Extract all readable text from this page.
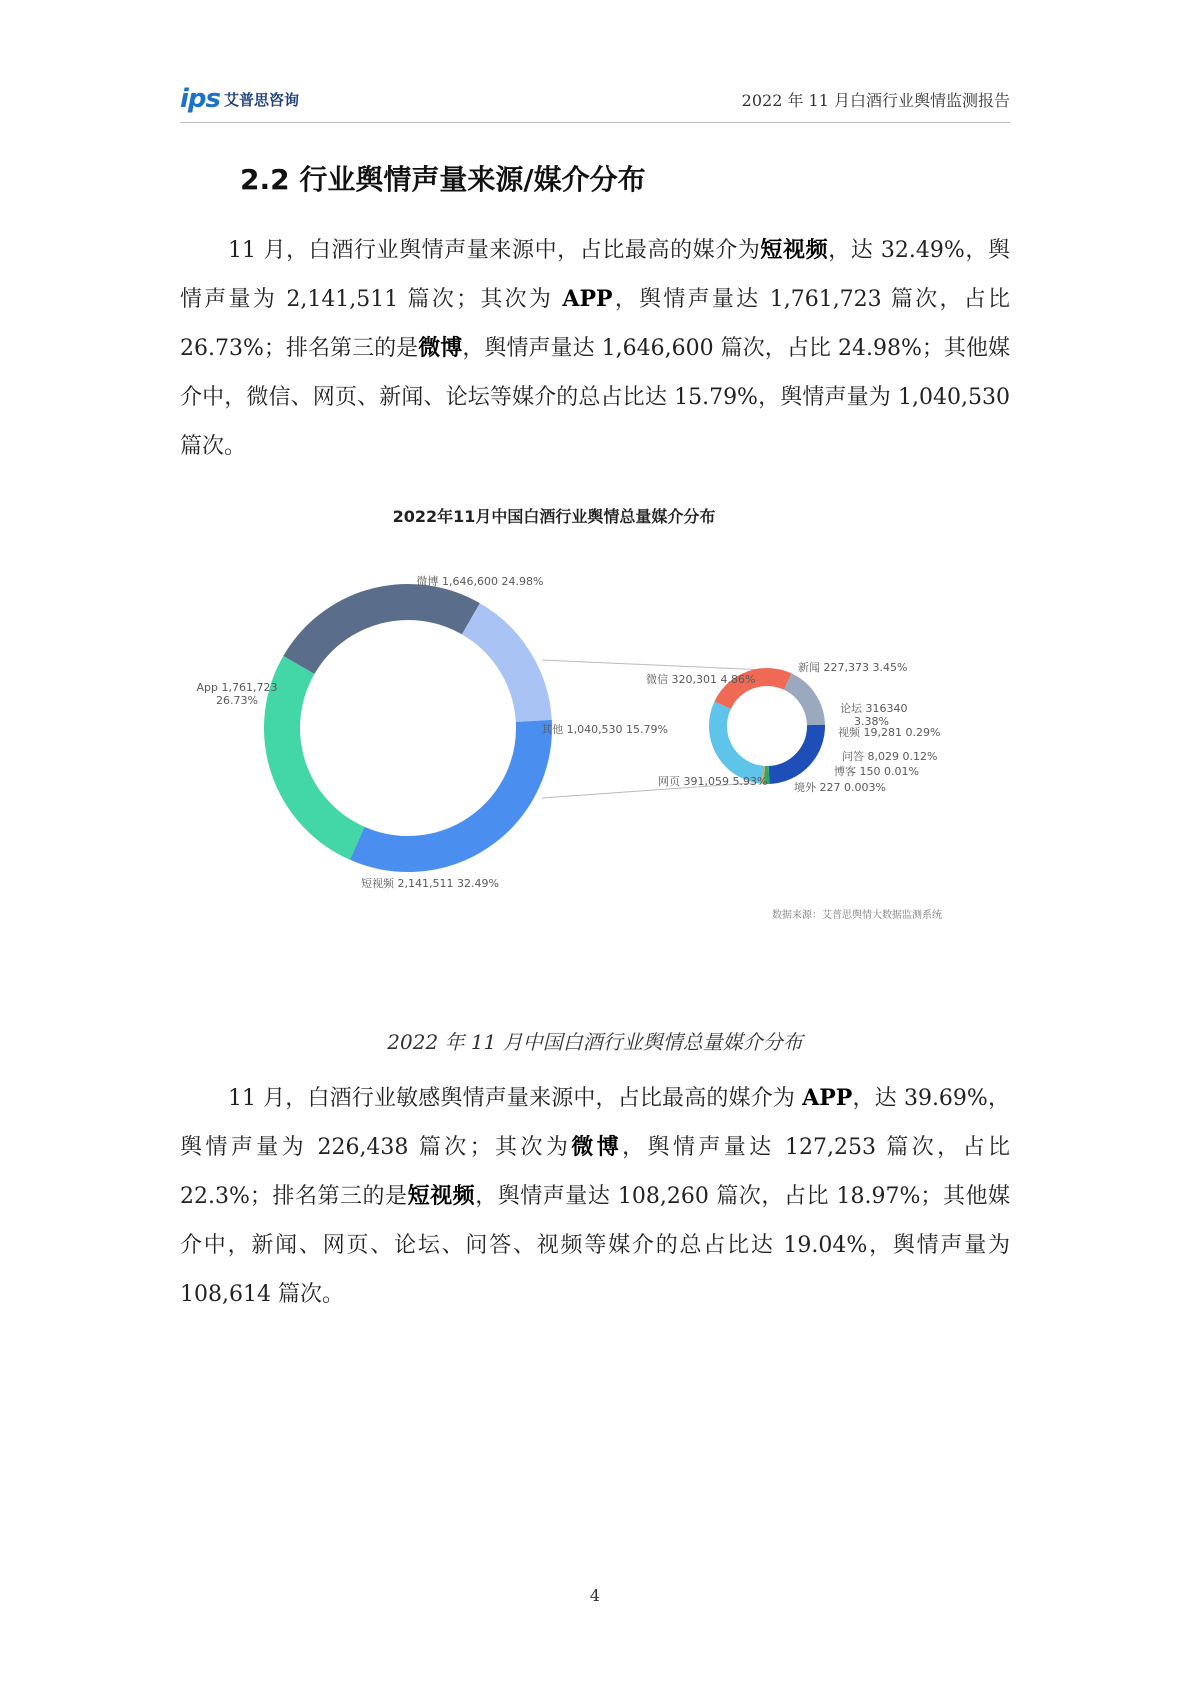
ips 艾普思咨询	2022 年 11 月白酒行业舆情监测报告
2.2 行业舆情声量来源/媒介分布

11 月，白酒行业舆情声量来源中，占比最高的媒介为短视频，达 32.49%，舆情声量为 2,141,511 篇次；其次为 APP，舆情声量达 1,761,723 篇次，占比 26.73%；排名第三的是微博，舆情声量达 1,646,600 篇次，占比 24.98%；其他媒介中，微信、网页、新闻、论坛等媒介的总占比达 15.79%，舆情声量为 1,040,530 篇次。

2022年11月中国白酒行业舆情总量媒介分布
微博 1,646,600 24.98%
其他 1,040,530 15.79%
短视频 2,141,511 32.49%
App 1,761,723
26.73%
新闻 227,373 3.45%
论坛 316340
3.38%
视频 19,281 0.29%
问答 8,029 0.12%
博客 150 0.01%
境外 227 0.003%
网页 391,059 5.93%
微信 320,301 4.86%
数据来源：艾普思舆情大数据监测系统

2022 年 11 月中国白酒行业舆情总量媒介分布

11 月，白酒行业敏感舆情声量来源中，占比最高的媒介为 APP，达 39.69%，舆情声量为 226,438 篇次；其次为微博，舆情声量达 127,253 篇次，占比 22.3%；排名第三的是短视频，舆情声量达 108,260 篇次，占比 18.97%；其他媒介中，新闻、网页、论坛、问答、视频等媒介的总占比达 19.04%，舆情声量为 108,614 篇次。

4
